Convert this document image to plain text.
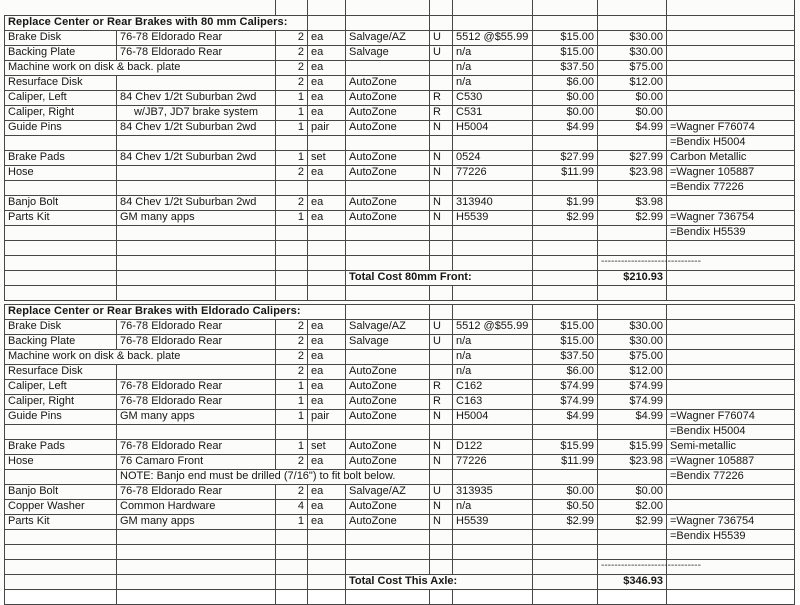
Replace Center or Rear Brakes with 80 mm Calipers:									
Brake Disk	76-78 Eldorado Rear	2	ea	Salvage/AZ	U	5512 @$55.99	$15.00	$30.00	
Backing Plate	76-78 Eldorado Rear	2	ea	Salvage	U	n/a	$15.00	$30.00	
Machine work on disk & back. plate		2	ea			n/a	$37.50	$75.00	
Resurface Disk		2	ea	AutoZone		n/a	$6.00	$12.00	
Caliper, Left	84 Chev 1/2t Suburban 2wd	1	ea	AutoZone	R	C530	$0.00	$0.00	
Caliper, Right	w/JB7, JD7 brake system	1	ea	AutoZone	R	C531	$0.00	$0.00	
Guide Pins	84 Chev 1/2t Suburban 2wd	1	pair	AutoZone	N	H5004	$4.99	$4.99	=Wagner F76074
									=Bendix H5004
Brake Pads	84 Chev 1/2t Suburban 2wd	1	set	AutoZone	N	0524	$27.99	$27.99	Carbon Metallic
Hose		2	ea	AutoZone	N	77226	$11.99	$23.98	=Wagner 105887
									=Bendix 77226
Banjo Bolt	84 Chev 1/2t Suburban 2wd	2	ea	AutoZone	N	313940	$1.99	$3.98	
Parts Kit	GM many apps	1	ea	AutoZone	N	H5539	$2.99	$2.99	=Wagner 736754
									=Bendix H5539

								------------------------------	

				Total Cost 80mm Front:				$210.93	

Replace Center or Rear Brakes with Eldorado Calipers:									
Brake Disk	76-78 Eldorado Rear	2	ea	Salvage/AZ	U	5512 @$55.99	$15.00	$30.00	
Backing Plate	76-78 Eldorado Rear	2	ea	Salvage	U	n/a	$15.00	$30.00	
Machine work on disk & back. plate		2	ea			n/a	$37.50	$75.00	
Resurface Disk		2	ea	AutoZone		n/a	$6.00	$12.00	
Caliper, Left	76-78 Eldorado Rear	1	ea	AutoZone	R	C162	$74.99	$74.99	
Caliper, Right	76-78 Eldorado Rear	1	ea	AutoZone	R	C163	$74.99	$74.99	
Guide Pins	GM many apps	1	pair	AutoZone	N	H5004	$4.99	$4.99	=Wagner F76074
									=Bendix H5004
Brake Pads	76-78 Eldorado Rear	1	set	AutoZone	N	D122	$15.99	$15.99	Semi-metallic
Hose	76 Camaro Front	2	ea	AutoZone	N	77226	$11.99	$23.98	=Wagner 105887
	NOTE: Banjo end must be drilled (7/16") to fit bolt below.								=Bendix 77226
Banjo Bolt	76-78 Eldorado Rear	2	ea	Salvage/AZ	U	313935	$0.00	$0.00	
Copper Washer	Common Hardware	4	ea	AutoZone	N	n/a	$0.50	$2.00	
Parts Kit	GM many apps	1	ea	AutoZone	N	H5539	$2.99	$2.99	=Wagner 736754
									=Bendix H5539

								------------------------------	

				Total Cost This Axle:				$346.93	
